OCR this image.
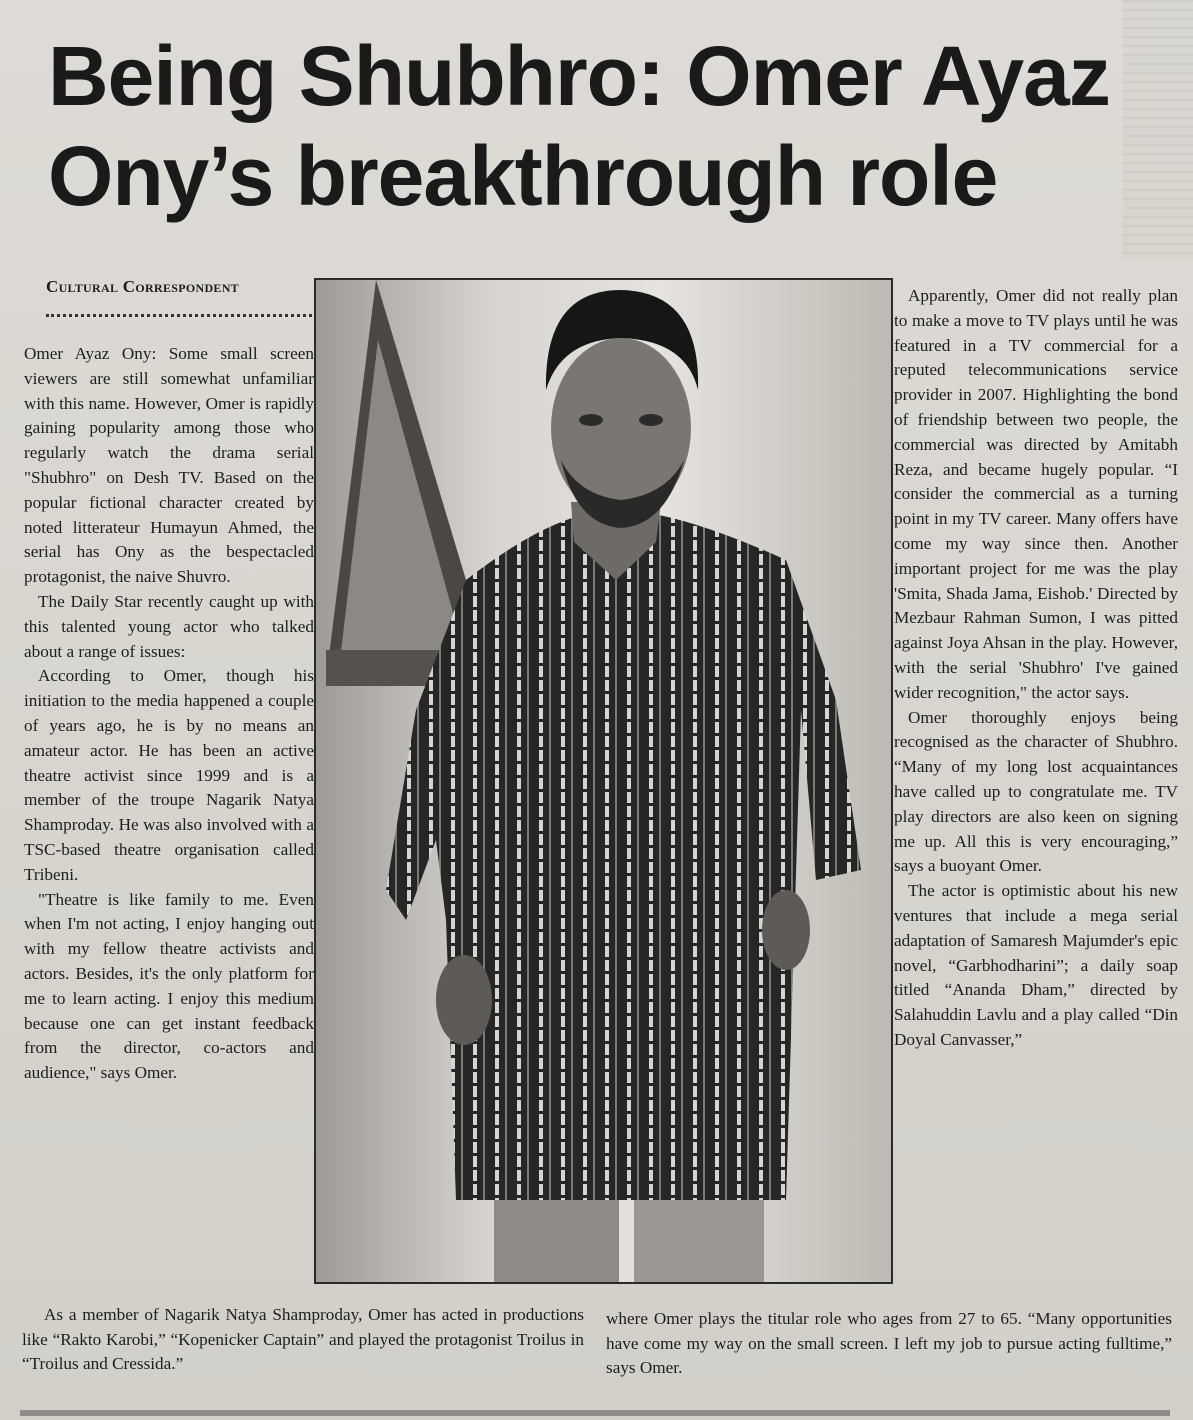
Being Shubhro: Omer Ayaz
Ony’s breakthrough role
Cultural Correspondent

Omer Ayaz Ony: Some small screen viewers are still somewhat unfamiliar with this name. However, Omer is rapidly gaining popularity among those who regularly watch the drama serial "Shubhro" on Desh TV. Based on the popular fictional character created by noted litterateur Humayun Ahmed, the serial has Ony as the bespectacled protagonist, the naive Shuvro.

The Daily Star recently caught up with this talented young actor who talked about a range of issues:

According to Omer, though his initiation to the media happened a couple of years ago, he is by no means an amateur actor. He has been an active theatre activist since 1999 and is a member of the troupe Nagarik Natya Shamproday. He was also involved with a TSC-based theatre organisation called Tribeni.

"Theatre is like family to me. Even when I'm not acting, I enjoy hanging out with my fellow theatre activists and actors. Besides, it's the only platform for me to learn acting. I enjoy this medium because one can get instant feedback from the director, co-actors and audience," says Omer.

Apparently, Omer did not really plan to make a move to TV plays until he was featured in a TV commercial for a reputed telecommunications service provider in 2007. Highlighting the bond of friendship between two people, the commercial was directed by Amitabh Reza, and became hugely popular. “I consider the commercial as a turning point in my TV career. Many offers have come my way since then. Another important project for me was the play 'Smita, Shada Jama, Eishob.' Directed by Mezbaur Rahman Sumon, I was pitted against Joya Ahsan in the play. However, with the serial 'Shubhro' I've gained wider recognition," the actor says.

Omer thoroughly enjoys being recognised as the character of Shubhro. “Many of my long lost acquaintances have called up to congratulate me. TV play directors are also keen on signing me up. All this is very encouraging,” says a buoyant Omer.

The actor is optimistic about his new ventures that include a mega serial adaptation of Samaresh Majumder's epic novel, “Garbhodharini”; a daily soap titled “Ananda Dham,” directed by Salahuddin Lavlu and a play called “Din Doyal Canvasser,”

As a member of Nagarik Natya Shamproday, Omer has acted in productions like “Rakto Karobi,” “Kopenicker Captain” and played the protagonist Troilus in “Troilus and Cressida.”
where Omer plays the titular role who ages from 27 to 65. “Many opportunities have come my way on the small screen. I left my job to pursue acting fulltime,” says Omer.
